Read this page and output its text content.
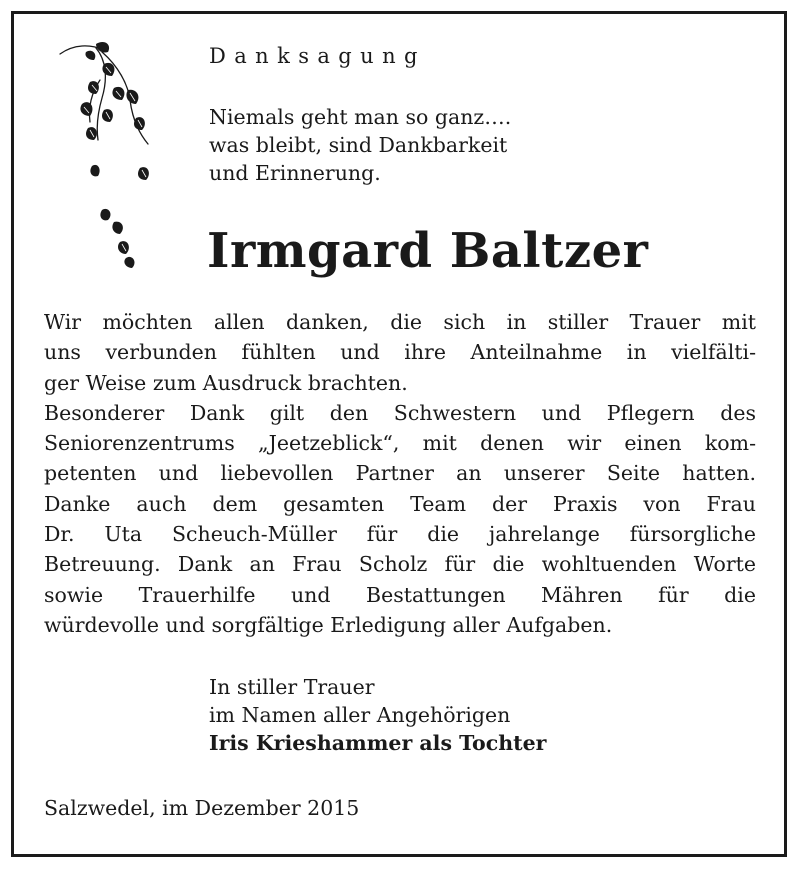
Danksagung
Niemals geht man so ganz….
was bleibt, sind Dankbarkeit
und Erinnerung.
Irmgard Baltzer
Wir möchten allen danken, die sich in stiller Trauer mit
uns verbunden fühlten und ihre Anteilnahme in vielfälti-
ger Weise zum Ausdruck brachten.
Besonderer Dank gilt den Schwestern und Pflegern des
Seniorenzentrums „Jeetzeblick“, mit denen wir einen kom-
petenten und liebevollen Partner an unserer Seite hatten.
Danke auch dem gesamten Team der Praxis von Frau
Dr. Uta Scheuch-Müller für die jahrelange fürsorgliche
Betreuung. Dank an Frau Scholz für die wohltuenden Worte
sowie Trauerhilfe und Bestattungen Mähren für die
würdevolle und sorgfältige Erledigung aller Aufgaben.
In stiller Trauer
im Namen aller Angehörigen
Iris Krieshammer als Tochter
Salzwedel, im Dezember 2015
